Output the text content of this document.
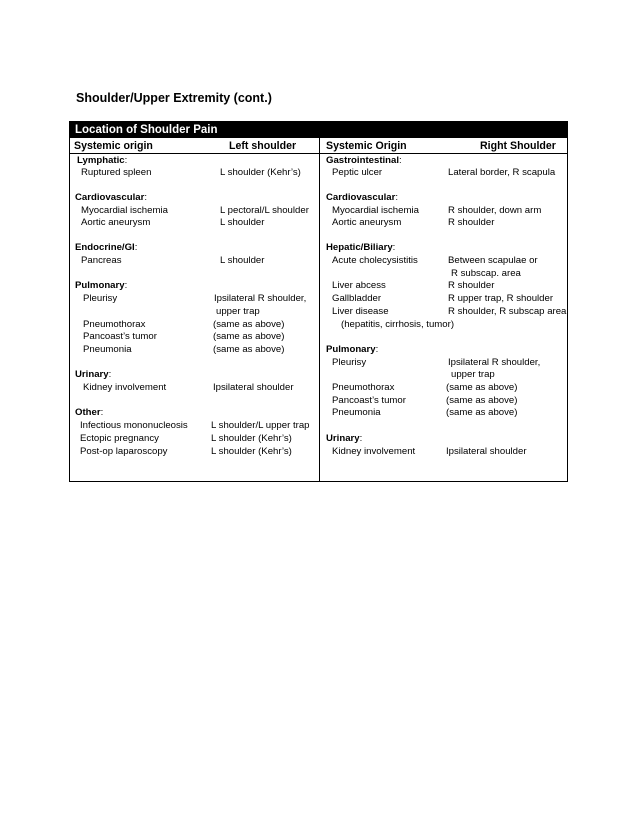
Shoulder/Upper Extremity (cont.)
Location of Shoulder Pain
Systemic origin	Left shoulder	Systemic Origin	Right Shoulder
Lymphatic:
Ruptured spleen	L shoulder (Kehr’s)
Cardiovascular:
Myocardial ischemia	L pectoral/L shoulder
Aortic aneurysm	L shoulder
Endocrine/GI:
Pancreas	L shoulder
Pulmonary:
Pleurisy	Ipsilateral R shoulder,
upper trap
Pneumothorax	(same as above)
Pancoast’s tumor	(same as above)
Pneumonia	(same as above)
Urinary:
Kidney involvement	Ipsilateral shoulder
Other:
Infectious mononucleosis L shoulder/L upper trap
Ectopic pregnancy	L shoulder (Kehr’s)
Post-op laparoscopy	L shoulder (Kehr’s)
Gastrointestinal:
Peptic ulcer	Lateral border, R scapula
Cardiovascular:
Myocardial ischemia	R shoulder, down arm
Aortic aneurysm	R shoulder
Hepatic/Biliary:
Acute cholecysistitis	Between scapulae or
R subscap. area
Liver abcess	R shoulder
Gallbladder	R upper trap, R shoulder
Liver disease	R shoulder, R subscap area
(hepatitis, cirrhosis, tumor)
Pulmonary:
Pleurisy	Ipsilateral R shoulder,
upper trap
Pneumothorax	(same as above)
Pancoast’s tumor	(same as above)
Pneumonia	(same as above)
Urinary:
Kidney involvement	Ipsilateral shoulder
